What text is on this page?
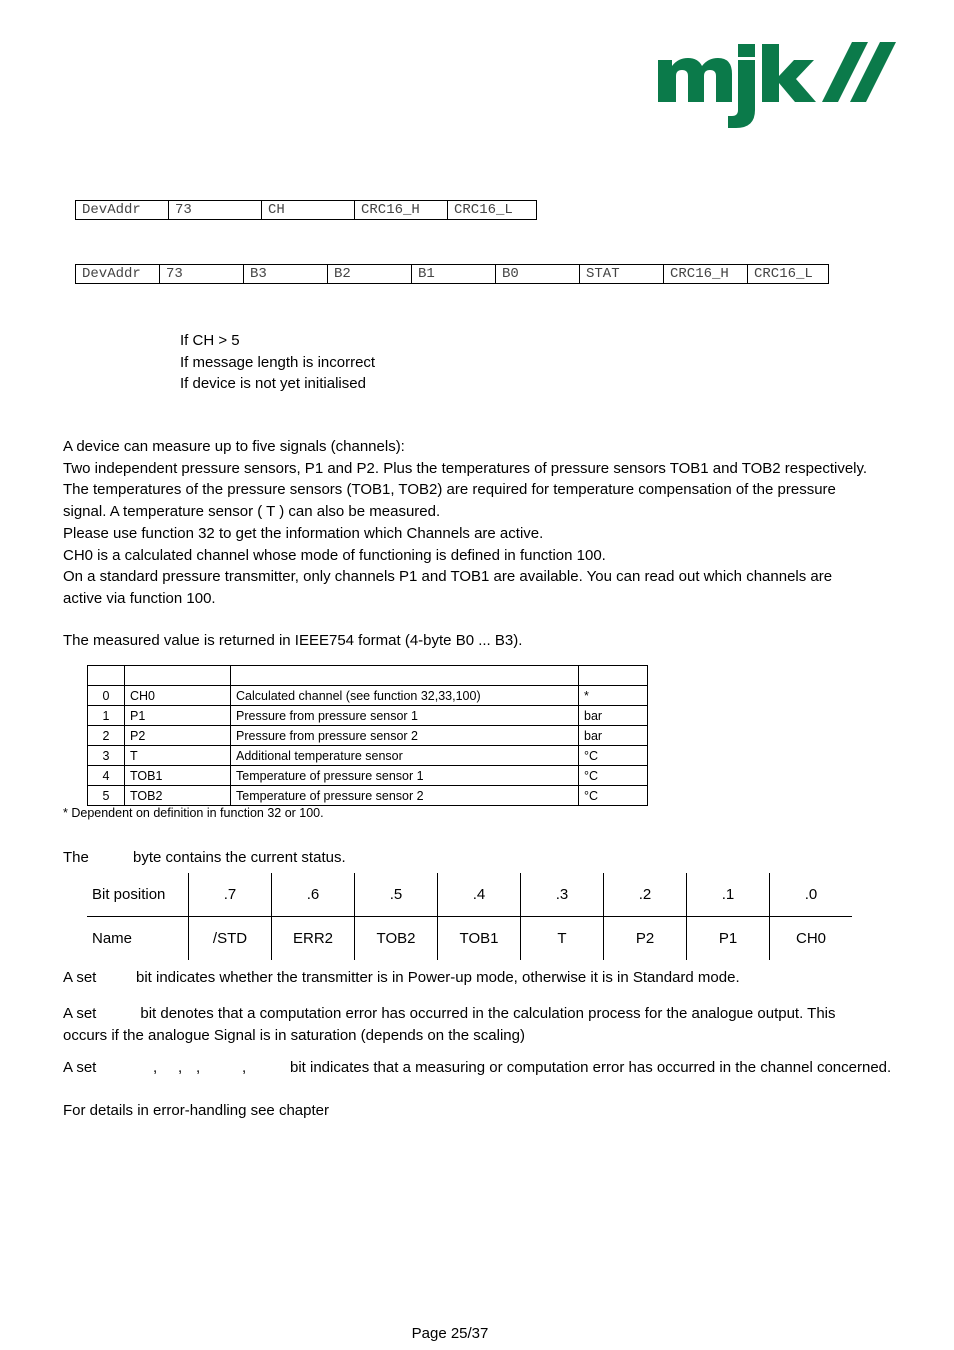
DevAddr	73	CH	CRC16_H	CRC16_L
DevAddr	73	B3	B2	B1	B0	STAT	CRC16_H	CRC16_L
If CH > 5
If message length is incorrect
If device is not yet initialised
A device can measure up to five signals (channels):
Two independent pressure sensors, P1 and P2. Plus the temperatures of pressure sensors TOB1 and TOB2 respectively. The temperatures of the pressure sensors (TOB1, TOB2) are required for temperature compensation of the pressure signal. A temperature sensor ( T ) can also be measured.
Please use function 32 to get the information which Channels are active.
CH0 is a calculated channel whose mode of functioning is defined in function 100.
On a standard pressure transmitter, only channels P1 and TOB1 are available. You can read out which channels are active via function 100.
The measured value is returned in IEEE754 format (4-byte B0 ... B3).

0	CH0	Calculated channel (see function 32,33,100)	*
1	P1	Pressure from pressure sensor 1	bar
2	P2	Pressure from pressure sensor 2	bar
3	T	Additional temperature sensor	°C
4	TOB1	Temperature of pressure sensor 1	°C
5	TOB2	Temperature of pressure sensor 2	°C
* Dependent on definition in function 32 or 100.
The	byte contains the current status.
Bit position	.7	.6	.5	.4	.3	.2	.1	.0
Name	/STD	ERR2	TOB2	TOB1	T	P2	P1	CH0
A set	bit indicates whether the transmitter is in Power-up mode, otherwise it is in Standard mode.
A set	bit denotes that a computation error has occurred in the calculation process for the analogue output. This occurs if the analogue Signal is in saturation (depends on the scaling)
A set	, , ,	,	bit indicates that a measuring or computation error has occurred in the channel concerned.
For details in error-handling see chapter
Page 25/37
